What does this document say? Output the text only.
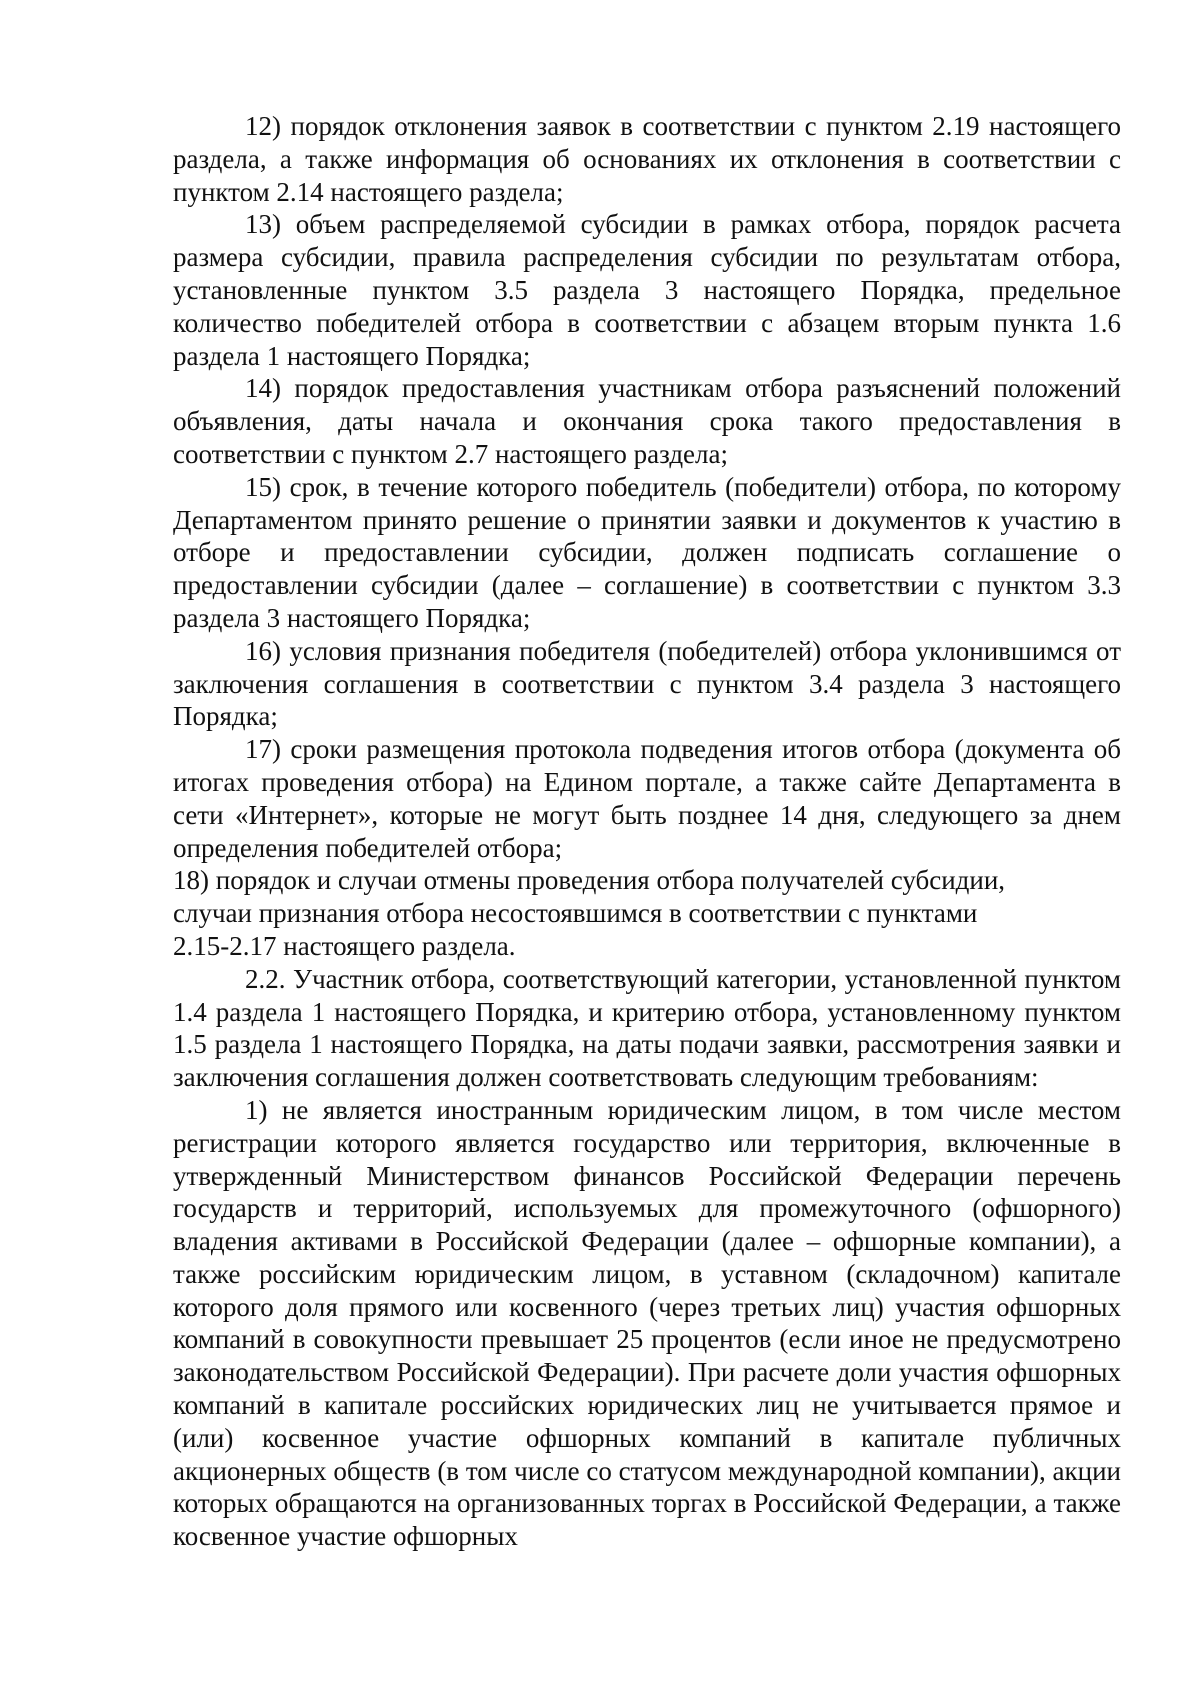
12) порядок отклонения заявок в соответствии с пунктом 2.19 настоящего раздела, а также информация об основаниях их отклонения в соответствии с пунктом 2.14 настоящего раздела;

13) объем распределяемой субсидии в рамках отбора, порядок расчета размера субсидии, правила распределения субсидии по результатам отбора, установленные пунктом 3.5 раздела 3 настоящего Порядка, предельное количество победителей отбора в соответствии с абзацем вторым пункта 1.6 раздела 1 настоящего Порядка;

14) порядок предоставления участникам отбора разъяснений положений объявления, даты начала и окончания срока такого предоставления в соответствии с пунктом 2.7 настоящего раздела;

15) срок, в течение которого победитель (победители) отбора, по которому Департаментом принято решение о принятии заявки и документов к участию в отборе и предоставлении субсидии, должен подписать соглашение о предоставлении субсидии (далее – соглашение) в соответствии с пунктом 3.3 раздела 3 настоящего Порядка;

16) условия признания победителя (победителей) отбора уклонившимся от заключения соглашения в соответствии с пунктом 3.4 раздела 3 настоящего Порядка;

17) сроки размещения протокола подведения итогов отбора (документа об итогах проведения отбора) на Едином портале, а также сайте Департамента в сети «Интернет», которые не могут быть позднее 14 дня, следующего за днем определения победителей отбора;

18) порядок и случаи отмены проведения отбора получателей субсидии,
случаи признания отбора несостоявшимся в соответствии с пунктами
2.15-2.17 настоящего раздела.

2.2. Участник отбора, соответствующий категории, установленной пунктом 1.4 раздела 1 настоящего Порядка, и критерию отбора, установленному пунктом 1.5 раздела 1 настоящего Порядка, на даты подачи заявки, рассмотрения заявки и заключения соглашения должен соответствовать следующим требованиям:

1) не является иностранным юридическим лицом, в том числе местом регистрации которого является государство или территория, включенные в утвержденный Министерством финансов Российской Федерации перечень государств и территорий, используемых для промежуточного (офшорного) владения активами в Российской Федерации (далее – офшорные компании), а также российским юридическим лицом, в уставном (складочном) капитале которого доля прямого или косвенного (через третьих лиц) участия офшорных компаний в совокупности превышает 25 процентов (если иное не предусмотрено законодательством Российской Федерации). При расчете доли участия офшорных компаний в капитале российских юридических лиц не учитывается прямое и (или) косвенное участие офшорных компаний в капитале публичных акционерных обществ (в том числе со статусом международной компании), акции которых обращаются на организованных торгах в Российской Федерации, а также косвенное участие офшорных
